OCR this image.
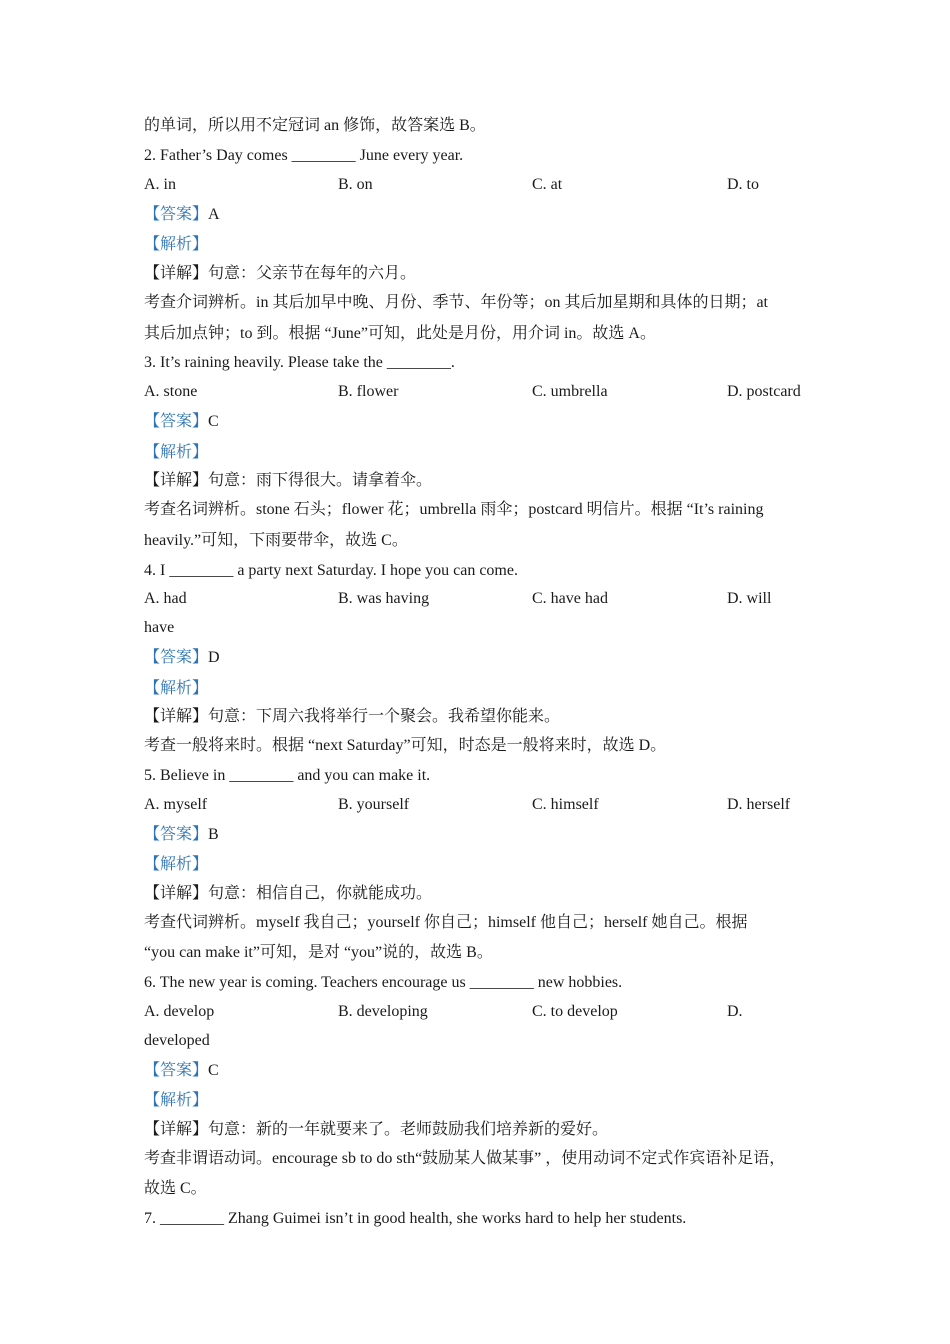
的单词，所以用不定冠词 an 修饰，故答案选 B。
2. Father’s Day comes ________ June every year.
A. in	B. on	C. at	D. to
【答案】A
【解析】
【详解】句意：父亲节在每年的六月。
考查介词辨析。in 其后加早中晚、月份、季节、年份等；on 其后加星期和具体的日期；at
其后加点钟；to 到。根据 “June”可知，此处是月份，用介词 in。故选 A。
3. It’s raining heavily. Please take the ________.
A. stone	B. flower	C. umbrella	D. postcard
【答案】C
【解析】
【详解】句意：雨下得很大。请拿着伞。
考查名词辨析。stone 石头；flower 花；umbrella 雨伞；postcard 明信片。根据 “It’s raining
heavily.”可知，下雨要带伞，故选 C。
4. I ________ a party next Saturday. I hope you can come.
A. had	B. was having	C. have had	D. will
have
【答案】D
【解析】
【详解】句意：下周六我将举行一个聚会。我希望你能来。
考查一般将来时。根据 “next Saturday”可知，时态是一般将来时，故选 D。
5. Believe in ________ and you can make it.
A. myself	B. yourself	C. himself	D. herself
【答案】B
【解析】
【详解】句意：相信自己，你就能成功。
考查代词辨析。myself 我自己；yourself 你自己；himself 他自己；herself 她自己。根据
“you can make it”可知，是对 “you”说的，故选 B。
6. The new year is coming. Teachers encourage us ________ new hobbies.
A. develop	B. developing	C. to develop	D.
developed
【答案】C
【解析】
【详解】句意：新的一年就要来了。老师鼓励我们培养新的爱好。
考查非谓语动词。encourage sb to do sth“鼓励某人做某事” ，使用动词不定式作宾语补足语，
故选 C。
7. ________ Zhang Guimei isn’t in good health, she works hard to help her students.
